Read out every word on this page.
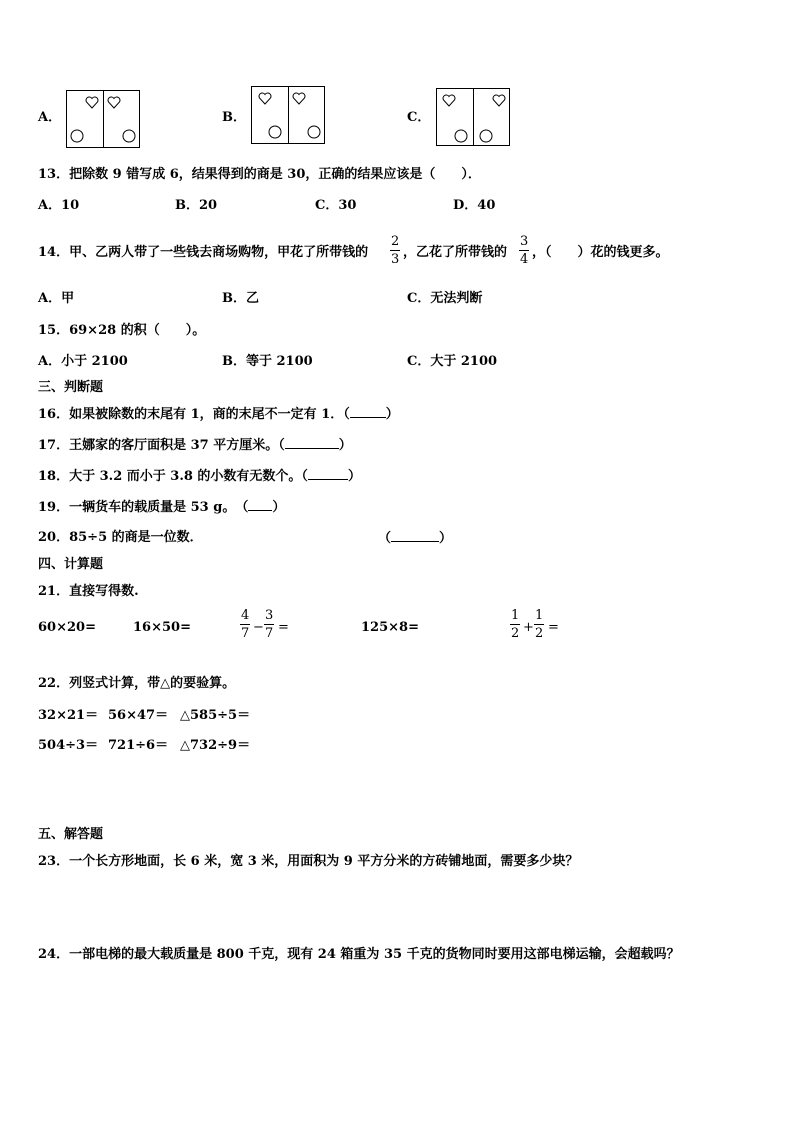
A．	B．	C．
13．把除数 9 错写成 6，结果得到的商是 30，正确的结果应该是（　　）．
A．10	B．20	C．30	D．40
14．甲、乙两人带了一些钱去商场购物，甲花了所带钱的
2
3 ，乙花了所带钱的
3
4 ，（　　）花的钱更多。
A．甲	B．乙	C．无法判断
15．69×28 的积（　　）。
A．小于 2100	B．等于 2100	C．大于 2100
三、判断题
16．如果被除数的末尾有 1，商的末尾不一定有 1．（	）
17．王娜家的客厅面积是 37 平方厘米。（	）
18．大于 3.2 而小于 3.8 的小数有无数个。（	）
19．一辆货车的载质量是 53 g。　（ ）
20．85÷5 的商是一位数．	（	）
四、计算题
21．直接写得数.
60×20=	16×50=
4
7 −
3
7 =	125×8=
1
2 +
1
2 =
22．列竖式计算，带△的要验算。
32×21＝ 56×47＝ △585÷5＝
504÷3＝ 721÷6＝ △732÷9＝
五、解答题
23．一个长方形地面，长 6 米，宽 3 米，用面积为 9 平方分米的方砖铺地面，需要多少块？
24．一部电梯的最大载质量是 800 千克，现有 24 箱重为 35 千克的货物同时要用这部电梯运输，会超载吗？
